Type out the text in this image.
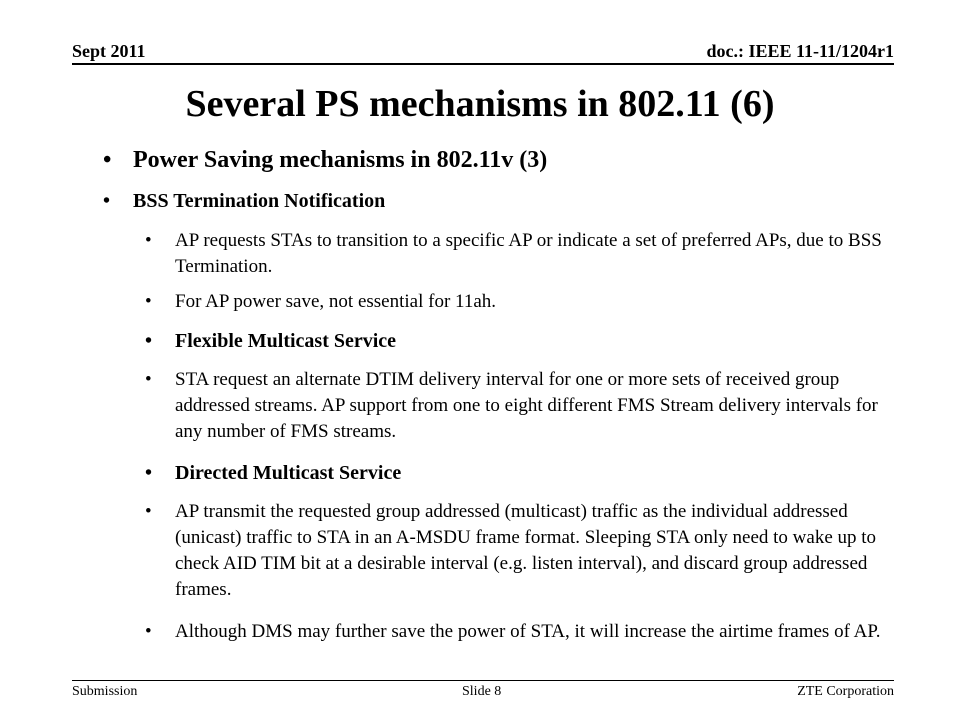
Sept 2011	doc.: IEEE 11-11/1204r1
Several PS mechanisms in 802.11 (6)
• Power Saving mechanisms in 802.11v (3)
• BSS Termination Notification
• AP requests STAs to transition to a specific AP or indicate a set of preferred APs, due to BSS Termination.
• For AP power save, not essential for 11ah.
• Flexible Multicast Service
• STA request an alternate DTIM delivery interval for one or more sets of received group addressed streams. AP support from one to eight different FMS Stream delivery intervals for any number of FMS streams.
• Directed Multicast Service
• AP transmit the requested group addressed (multicast) traffic as the individual addressed (unicast) traffic to STA in an A-MSDU frame format. Sleeping STA only need to wake up to check AID TIM bit at a desirable interval (e.g. listen interval), and discard group addressed frames.
• Although DMS may further save the power of STA, it will increase the airtime frames of AP.
Submission	Slide 8	ZTE Corporation
